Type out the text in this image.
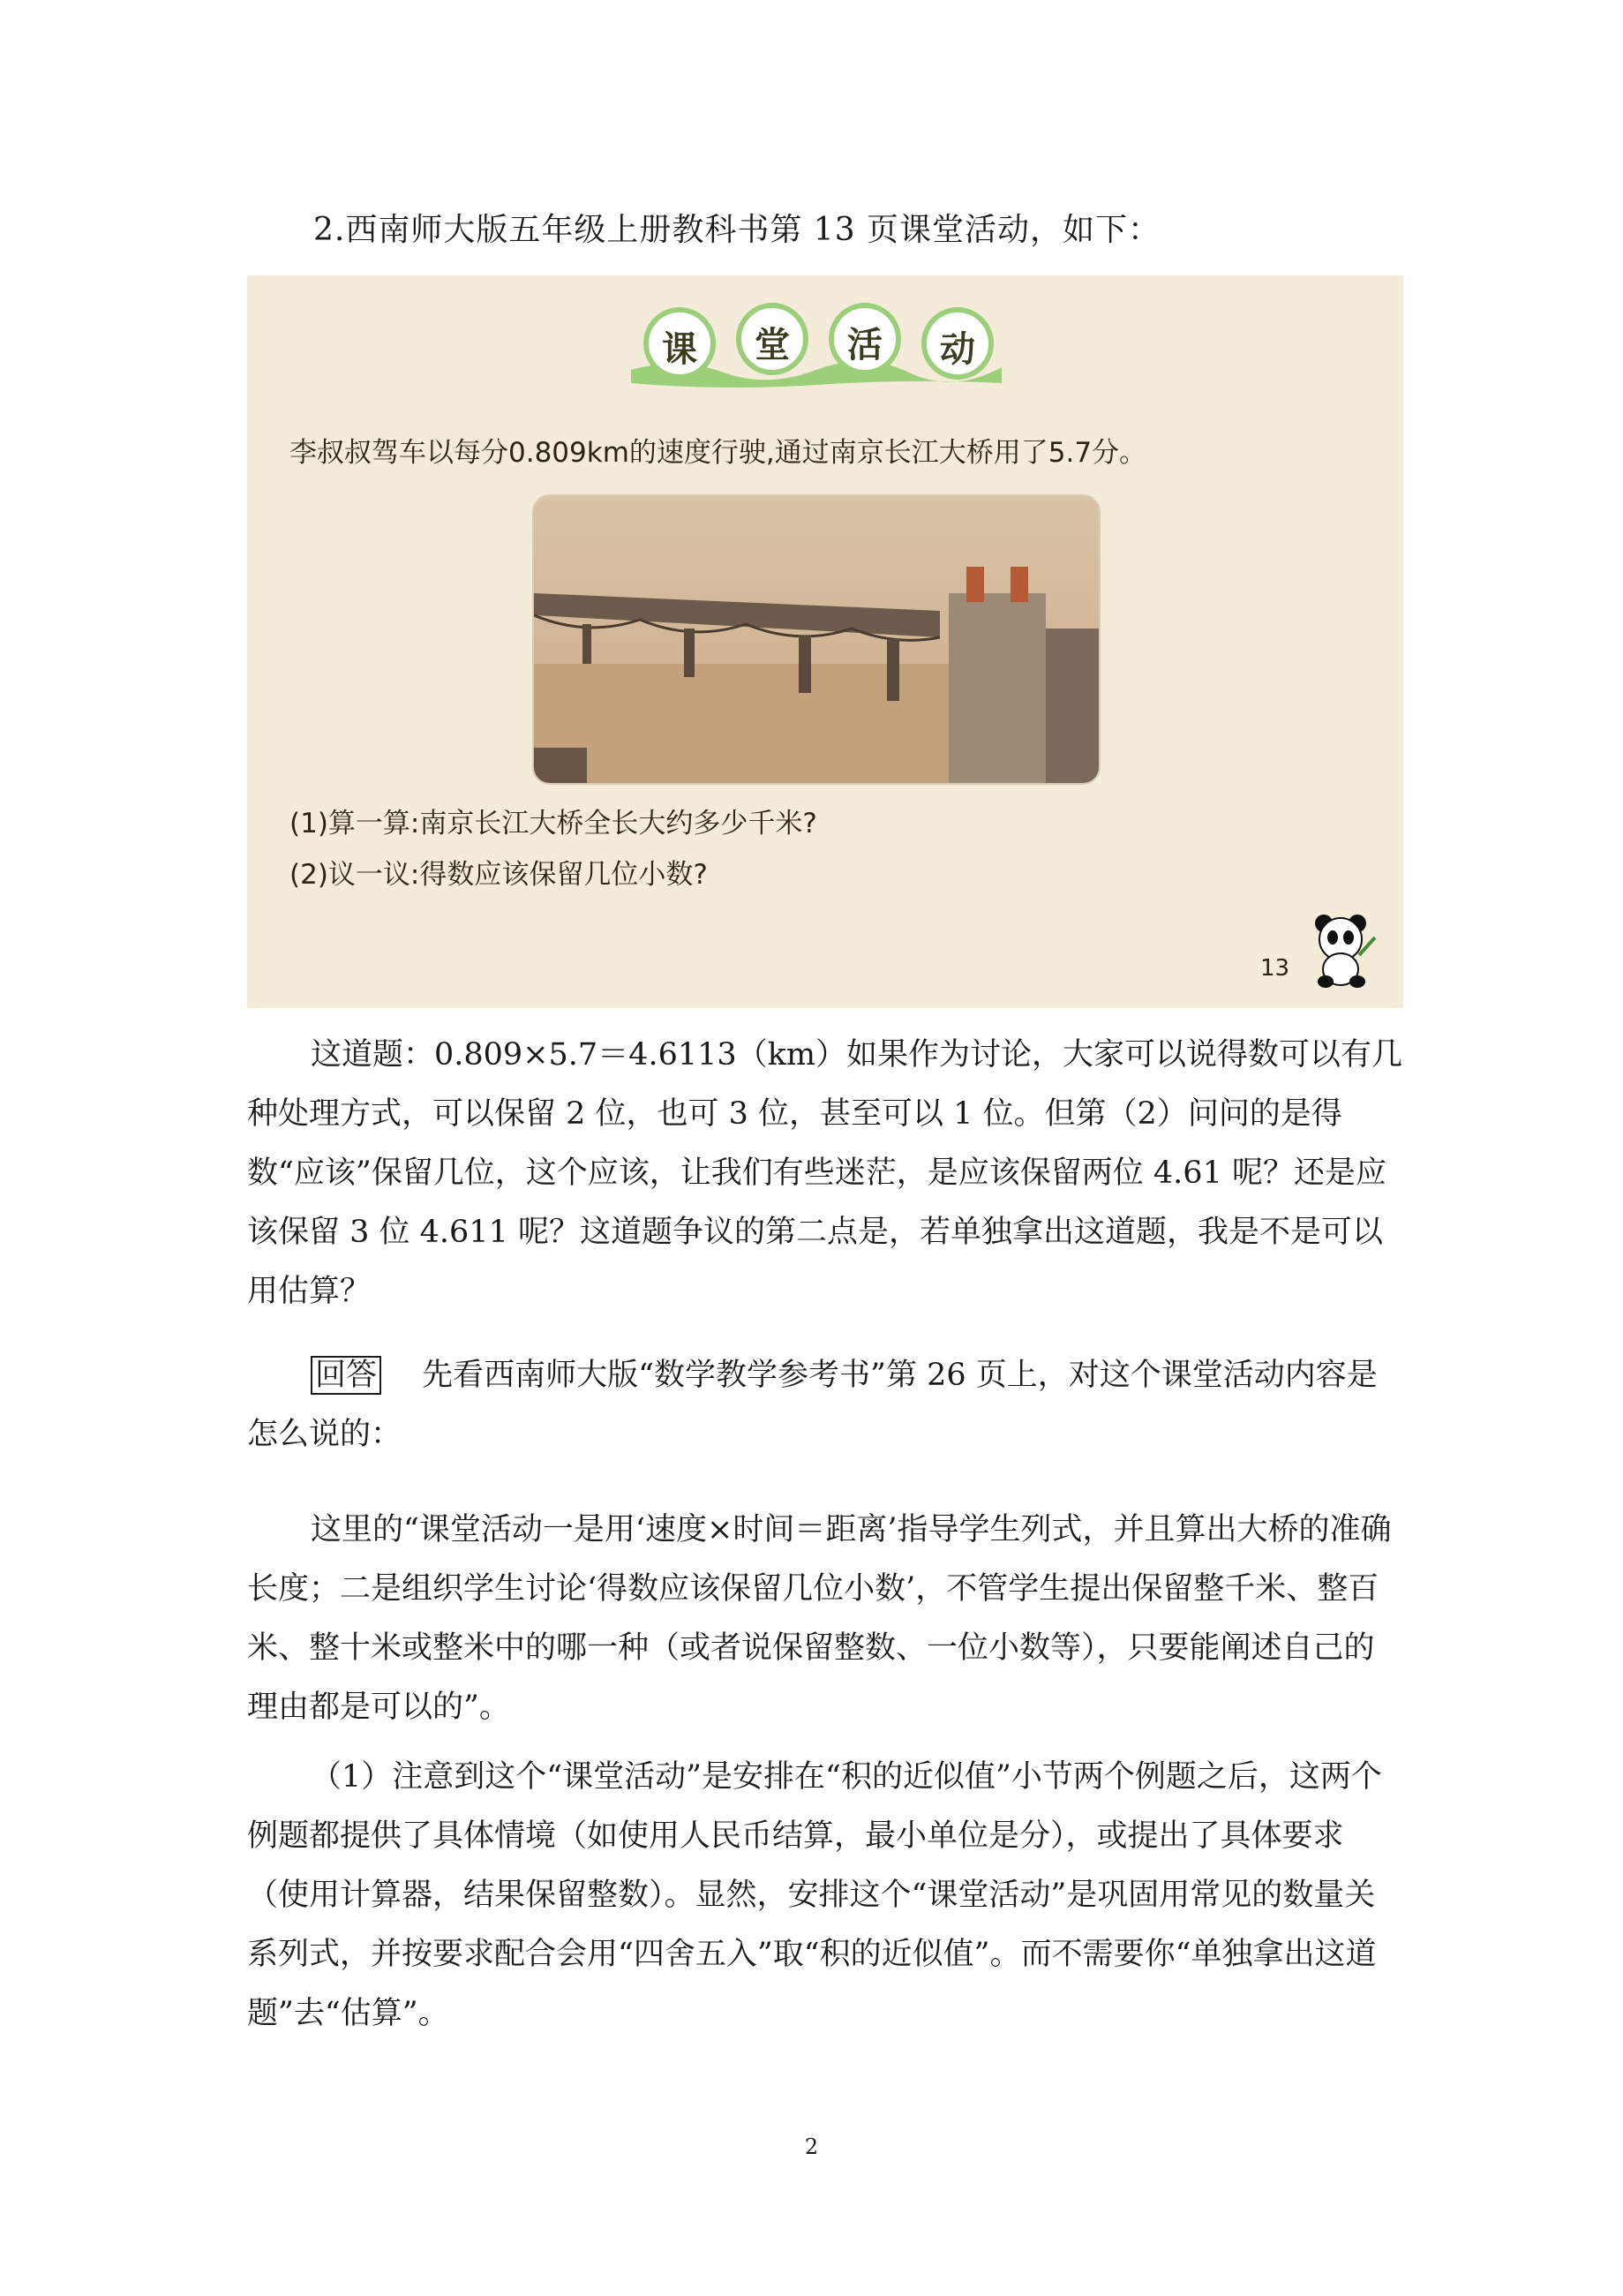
2.西南师大版五年级上册教科书第 13 页课堂活动，如下：
课 堂 活 动
李叔叔驾车以每分0.809km的速度行驶,通过南京长江大桥用了5.7分。
(1)算一算:南京长江大桥全长大约多少千米?
(2)议一议:得数应该保留几位小数?
13

这道题：0.809×5.7＝4.6113（km）如果作为讨论，大家可以说得数可以有几种处理方式，可以保留 2 位，也可 3 位，甚至可以 1 位。但第（2）问问的是得数“应该”保留几位，这个应该，让我们有些迷茫，是应该保留两位 4.61 呢？还是应该保留 3 位 4.611 呢？这道题争议的第二点是，若单独拿出这道题，我是不是可以用估算？

回答　 先看西南师大版“数学教学参考书”第 26 页上，对这个课堂活动内容是怎么说的：

这里的“课堂活动一是用‘速度×时间＝距离’指导学生列式，并且算出大桥的准确长度；二是组织学生讨论‘得数应该保留几位小数’，不管学生提出保留整千米、整百米、整十米或整米中的哪一种（或者说保留整数、一位小数等），只要能阐述自己的理由都是可以的”。

（1）注意到这个“课堂活动”是安排在“积的近似值”小节两个例题之后，这两个例题都提供了具体情境（如使用人民币结算，最小单位是分），或提出了具体要求（使用计算器，结果保留整数）。显然，安排这个“课堂活动”是巩固用常见的数量关系列式，并按要求配合会用“四舍五入”取“积的近似值”。而不需要你“单独拿出这道题”去“估算”。

2
